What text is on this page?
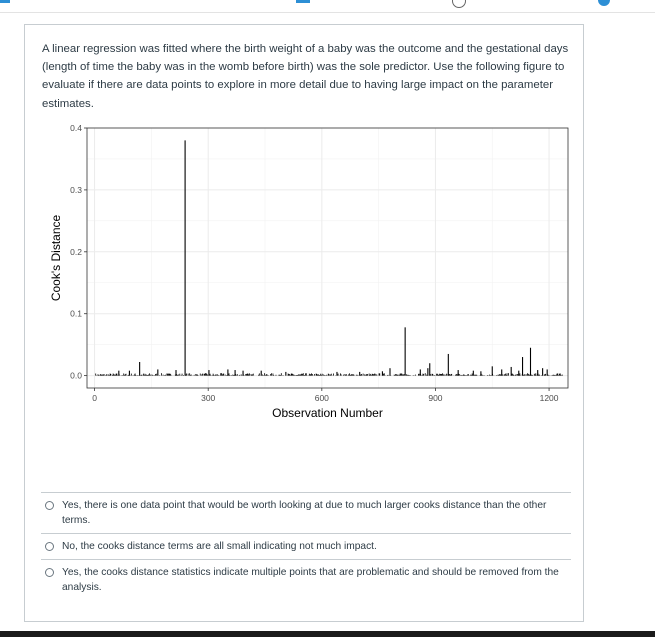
A linear regression was fitted where the birth weight of a baby was the outcome and the gestational days (length of time the baby was in the womb before birth) was the sole predictor. Use the following figure to evaluate if there are data points to explore in more detail due to having large impact on the parameter estimates.

0.0
0.1
0.2
0.3
0.4
0	300	600	900	1200
Observation Number
Cook's Distance
Yes, there is one data point that would be worth looking at due to much larger cooks distance than the other terms.
No, the cooks distance terms are all small indicating not much impact.
Yes, the cooks distance statistics indicate multiple points that are problematic and should be removed from the analysis.
